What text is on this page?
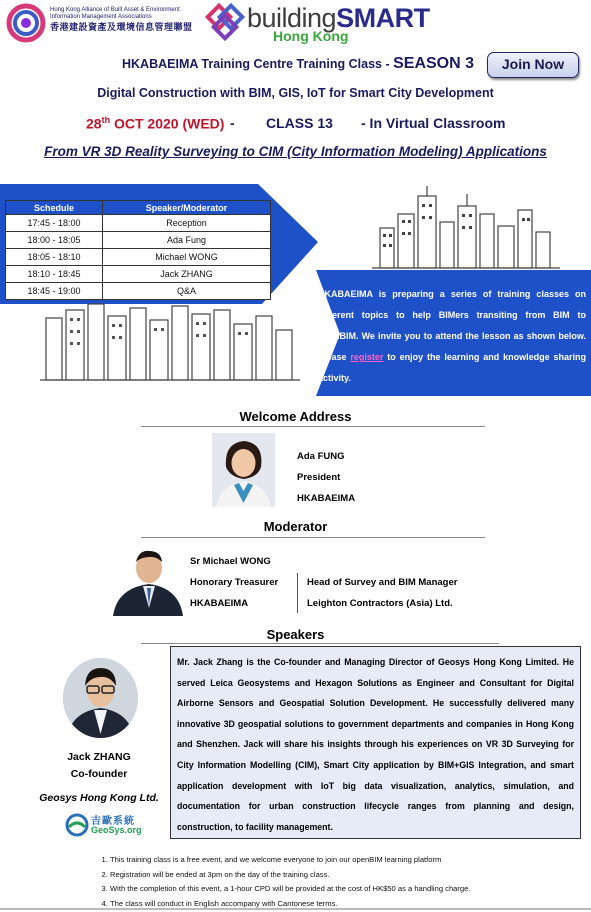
Hong Kong Alliance of Built Asset & Environment
Information Management Associations
香港建設資產及環境信息管理聯盟 buildingSMART
Hong Kong
HKABAEIMA Training Centre Training Class - SEASON 3	Join Now
Digital Construction with BIM, GIS, IoT for Smart City Development
28th OCT 2020 (WED) - CLASS 13 - In Virtual Classroom
From VR 3D Reality Surveying to CIM (City Information Modeling) Applications
Schedule	Speaker/Moderator
17:45 - 18:00	Reception
18:00 - 18:05	Ada Fung
18:05 - 18:10	Michael WONG
18:10 - 18:45	Jack ZHANG
18:45 - 19:00	Q&A	HKABAEIMA is preparing a series of training classes on different topics to help BIMers transiting from BIM to openBIM. We invite you to attend the lesson as shown below. Please register to enjoy the learning and knowledge sharing activity.
Welcome Address
Ada FUNG
President
HKABAEIMA
Moderator
Sr Michael WONG
Honorary Treasurer
HKABAEIMA
Head of Survey and BIM Manager
Leighton Contractors (Asia) Ltd.
Speakers
Jack ZHANG
Co-founder
Geosys Hong Kong Ltd.
吉歐系統
GeoSys.org
Mr. Jack Zhang is the Co-founder and Managing Director of Geosys Hong Kong Limited. He served Leica Geosystems and Hexagon Solutions as Engineer and Consultant for Digital Airborne Sensors and Geospatial Solution Development. He successfully delivered many innovative 3D geospatial solutions to government departments and companies in Hong Kong and Shenzhen. Jack will share his insights through his experiences on VR 3D Surveying for City Information Modelling (CIM), Smart City application by BIM+GIS Integration, and smart application development with IoT big data visualization, analytics, simulation, and documentation for urban construction lifecycle ranges from planning and design, construction, to facility management.
1. This training class is a free event, and we welcome everyone to join our openBIM learning platform
2. Registration will be ended at 3pm on the day of the training class.
3. With the completion of this event, a 1-hour CPD will be provided at the cost of HK$50 as a handling charge.
4. The class will conduct in English accompany with Cantonese terms.
